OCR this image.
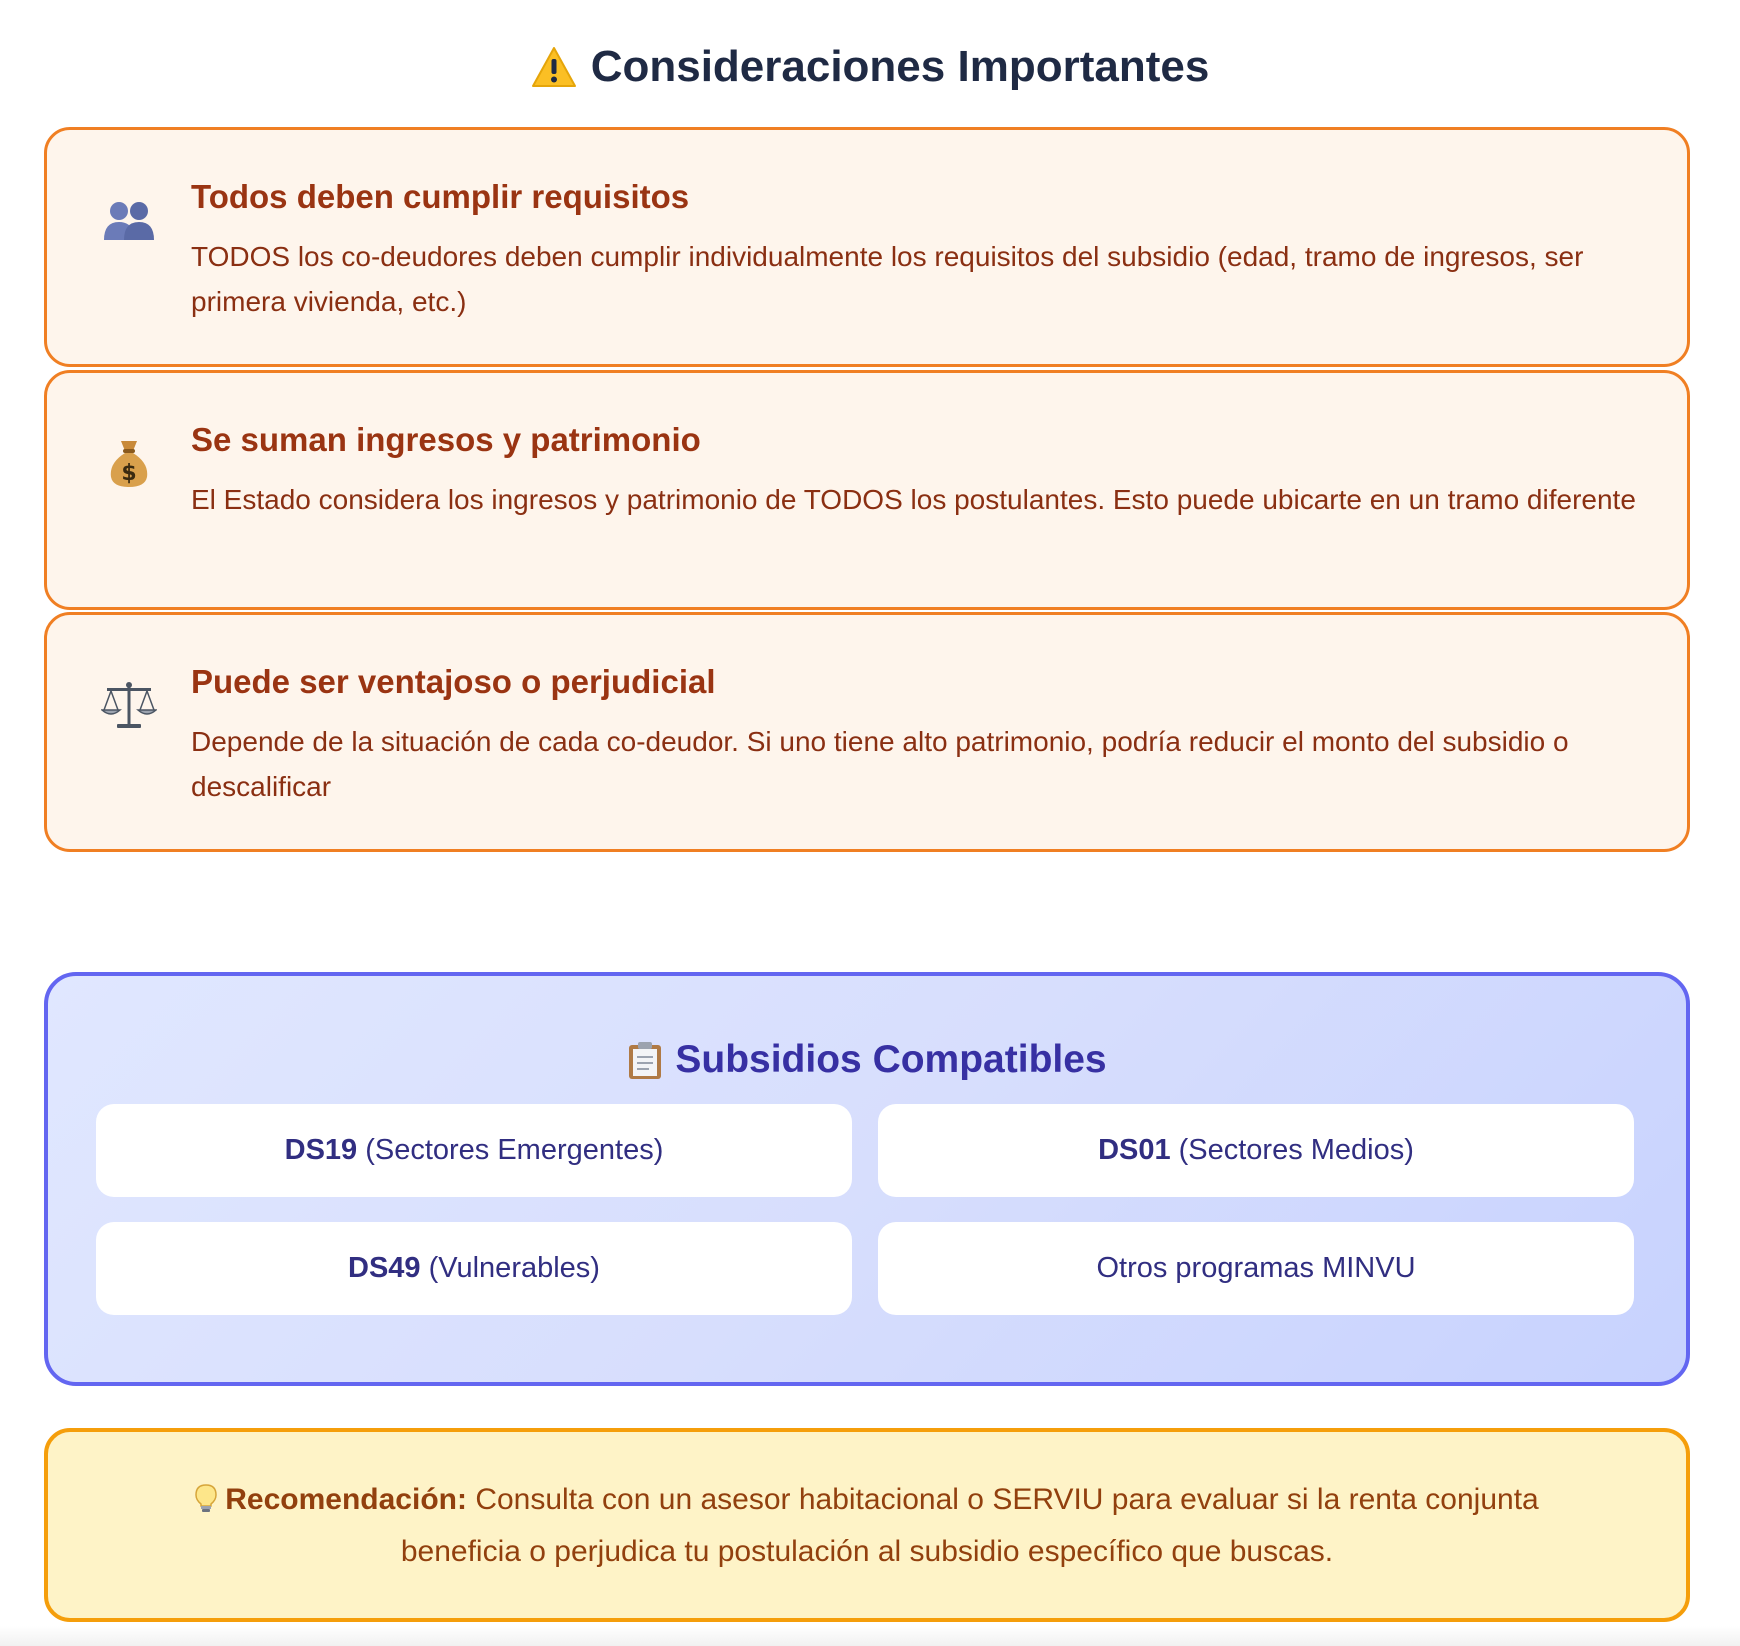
Consideraciones Importantes
Todos deben cumplir requisitos
TODOS los co-deudores deben cumplir individualmente los requisitos del subsidio (edad, tramo de ingresos, ser primera vivienda, etc.)
$
Se suman ingresos y patrimonio
El Estado considera los ingresos y patrimonio de TODOS los postulantes. Esto puede ubicarte en un tramo diferente
Puede ser ventajoso o perjudicial
Depende de la situación de cada co-deudor. Si uno tiene alto patrimonio, podría reducir el monto del subsidio o descalificar
Subsidios Compatibles
DS19 (Sectores Emergentes)	DS01 (Sectores Medios)
DS49 (Vulnerables)	Otros programas MINVU
Recomendación: Consulta con un asesor habitacional o SERVIU para evaluar si la renta conjunta beneficia o perjudica tu postulación al subsidio específico que buscas.
